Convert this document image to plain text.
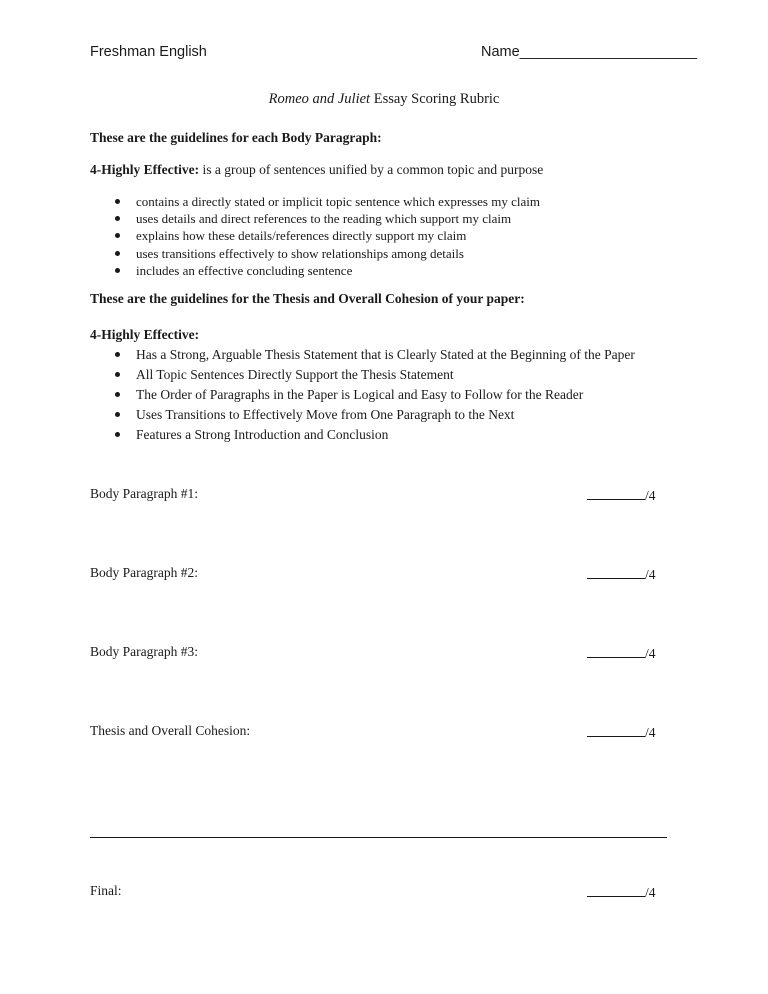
Freshman English	Name______________________
Romeo and Juliet Essay Scoring Rubric
These are the guidelines for each Body Paragraph:
4-Highly Effective: is a group of sentences unified by a common topic and purpose
contains a directly stated or implicit topic sentence which expresses my claim
uses details and direct references to the reading which support my claim
explains how these details/references directly support my claim
uses transitions effectively to show relationships among details
includes an effective concluding sentence
These are the guidelines for the Thesis and Overall Cohesion of your paper:
4-Highly Effective:
Has a Strong, Arguable Thesis Statement that is Clearly Stated at the Beginning of the Paper
All Topic Sentences Directly Support the Thesis Statement
The Order of Paragraphs in the Paper is Logical and Easy to Follow for the Reader
Uses Transitions to Effectively Move from One Paragraph to the Next
Features a Strong Introduction and Conclusion
Body Paragraph #1:	/4
Body Paragraph #2:	/4
Body Paragraph #3:	/4
Thesis and Overall Cohesion:	/4
Final:	/4
